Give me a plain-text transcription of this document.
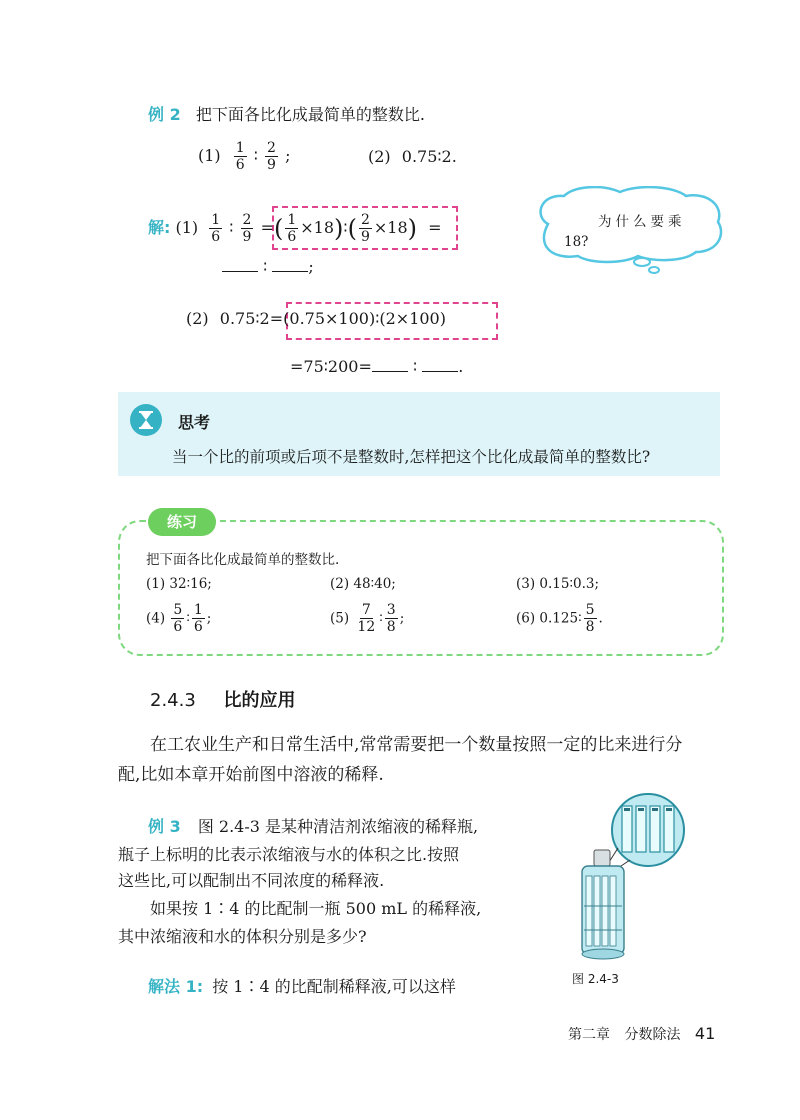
例 2 把下面各比化成最简单的整数比.
$(1) \frac{1}{6}$ ∶ $\frac{2}{9}$ ;	(2) 0.75∶2.
解: $(1) \frac{1}{6}$ ∶ $\frac{2}{9}$ =( $\frac{1}{6}$ ×18)∶( $\frac{2}{9} \times 18$) =
∶	;
为什么要乘
18?
(2) 0.75∶2=(0.75×100)∶(2×100)
=75∶200=	∶	.
思考
当一个比的前项或后项不是整数时,怎样把这个比化成最简单的整数比?
练习
把下面各比化成最简单的整数比.
(1) 32∶16;	(2) 48∶40;	(3) 0.15∶0.3;
$(4) \frac{5}{6}$ ∶ $\frac{1}{6}$ ;	$(5) \frac{7}{12}$ ∶ $\frac{3}{8}$ ;	(6) 0.125∶ $\frac{5}{8}$ .
2.4.3 比的应用
在工农业生产和日常生活中,常常需要把一个数量按照一定的比来进行分
配,比如本章开始前图中溶液的稀释.
例 3 图 2.4-3 是某种清洁剂浓缩液的稀释瓶,
瓶子上标明的比表示浓缩液与水的体积之比.按照
这些比,可以配制出不同浓度的稀释液.
如果按 1∶4 的比配制一瓶 500 mL 的稀释液,
其中浓缩液和水的体积分别是多少?
解法 1: 按 1∶4 的比配制稀释液,可以这样	图 2.4-3
第二章 分数除法 41
